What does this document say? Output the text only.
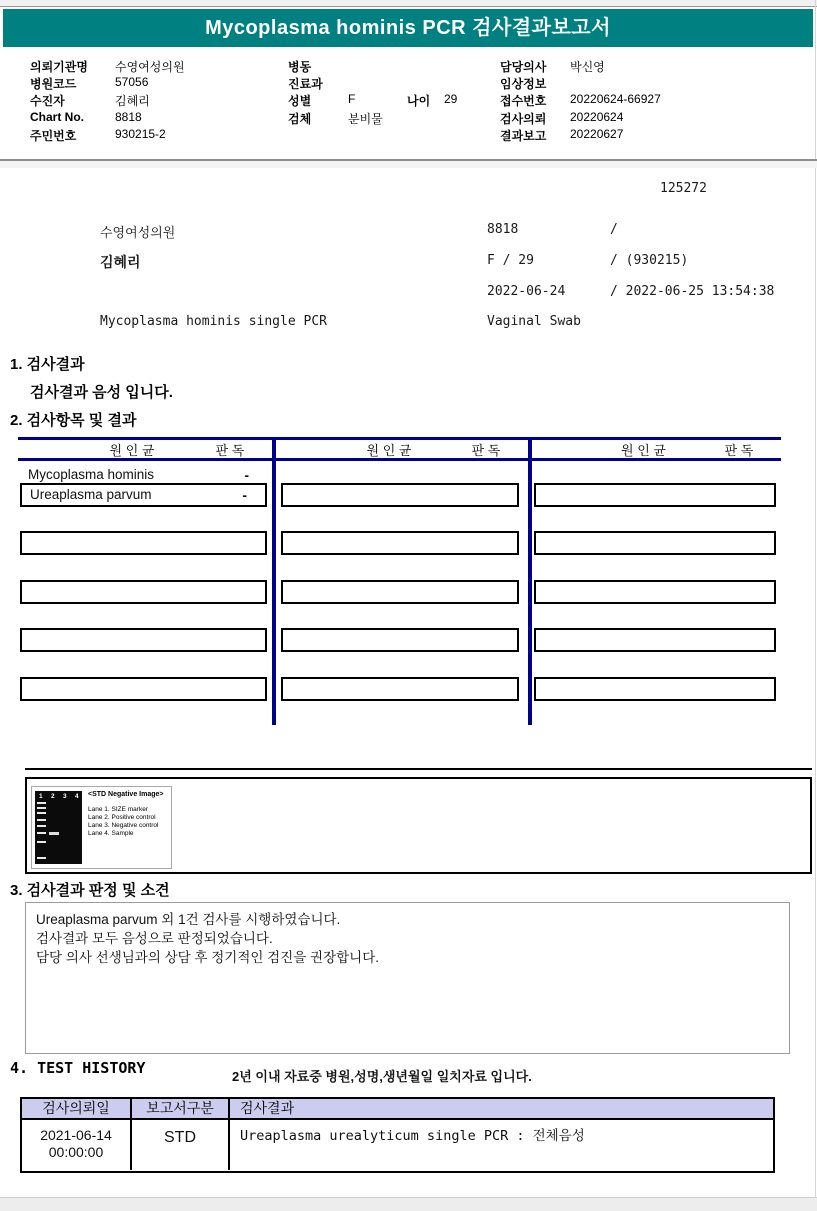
Mycoplasma hominis PCR 검사결과보고서
의뢰기관명 수영여성의원
병원코드	57056
수진자	김혜리
Chart No.	8818
주민번호	930215-2
병동
진료과
성별	F	나이 29
검체	분비물
담당의사 박신영
임상정보
접수번호 20220624-66927
검사의뢰 20220624
결과보고 20220627
125272
수영여성의원	8818	/
김혜리	F / 29	/ (930215)
2022-06-24	/ 2022-06-25 13:54:38
Mycoplasma hominis single PCR	Vaginal Swab
1. 검사결과
검사결과 음성 입니다.
2. 검사항목 및 결과
원 인 균	판 독	원 인 균	판 독	원 인 균	판 독
Mycoplasma hominis	-
Ureaplasma parvum	-
1 2 3 4 <STD Negative Image>
Lane 1. SIZE marker
Lane 2. Positive control
Lane 3. Negative control
Lane 4. Sample
3. 검사결과 판정 및 소견
Ureaplasma parvum 외 1건 검사를 시행하였습니다.
검사결과 모두 음성으로 판정되었습니다.
담당 의사 선생님과의 상담 후 정기적인 검진을 권장합니다.
4. TEST HISTORY	2년 이내 자료중 병원,성명,생년월일 일치자료 입니다.
검사의뢰일	보고서구분	검사결과
2021-06-14
00:00:00
STD	Ureaplasma urealyticum single PCR : 전체음성
